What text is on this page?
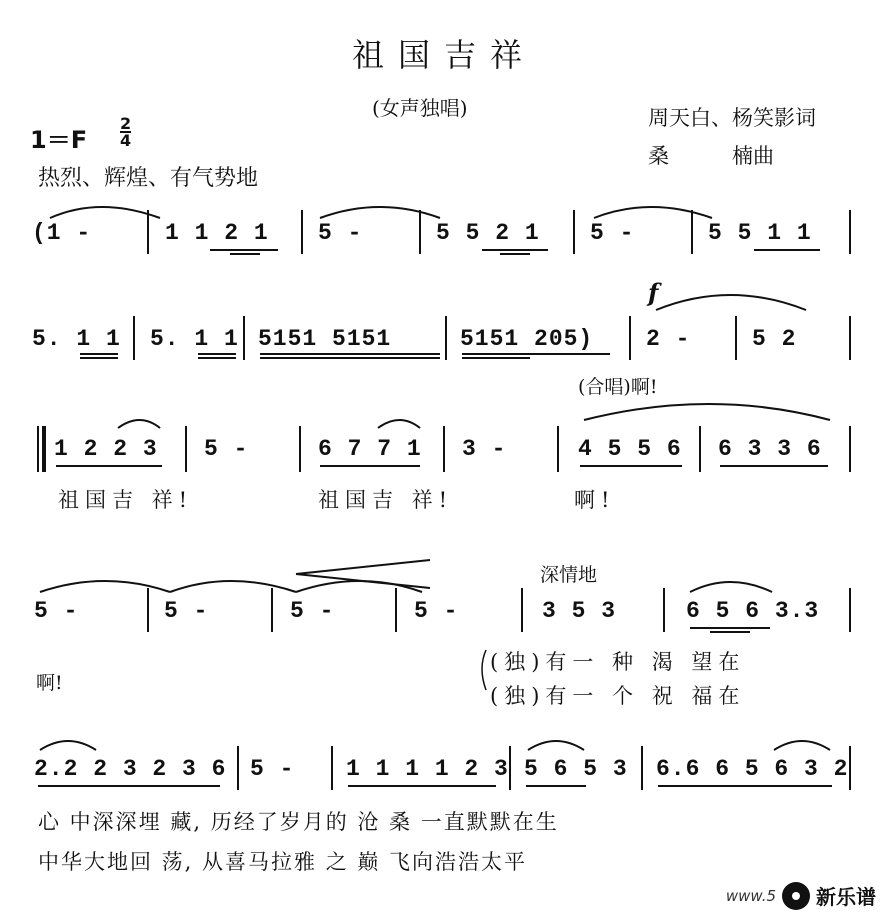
祖国吉祥
(女声独唱)	周天白、杨笑影词
桑　　　楠曲
$1=F \frac{2}{4}$
热烈、辉煌、有气势地
(1 -	1 1 2 1 5 -	5 5 2 1 5 -	5 5 1 1
f
5. 1 1 5. 1 1 5151 5151	5151 205) 2 -	5 2
(合唱)啊!
1 2 2 3 5 -	6 7 7 1 3 -	4 5 5 6 6 3 3 6
祖国吉 祥!	祖国吉 祥!	啊!
深情地
5 -	5 -	5 -	5 -	3 5 3	6 5 6 3.3
啊!
(独)有一 种 渴 望在
(独)有一 个 祝 福在
2.2 2 3 2 3 6 5 - 1 1 1 1 2 3 5 6 5 3 6.6 6 5 6 3 2
心 中深深埋 藏, 历经了岁月的 沧 桑 一直默默在生
中华大地回 荡, 从喜马拉雅 之 巅 飞向浩浩太平
www.5 新乐谱
